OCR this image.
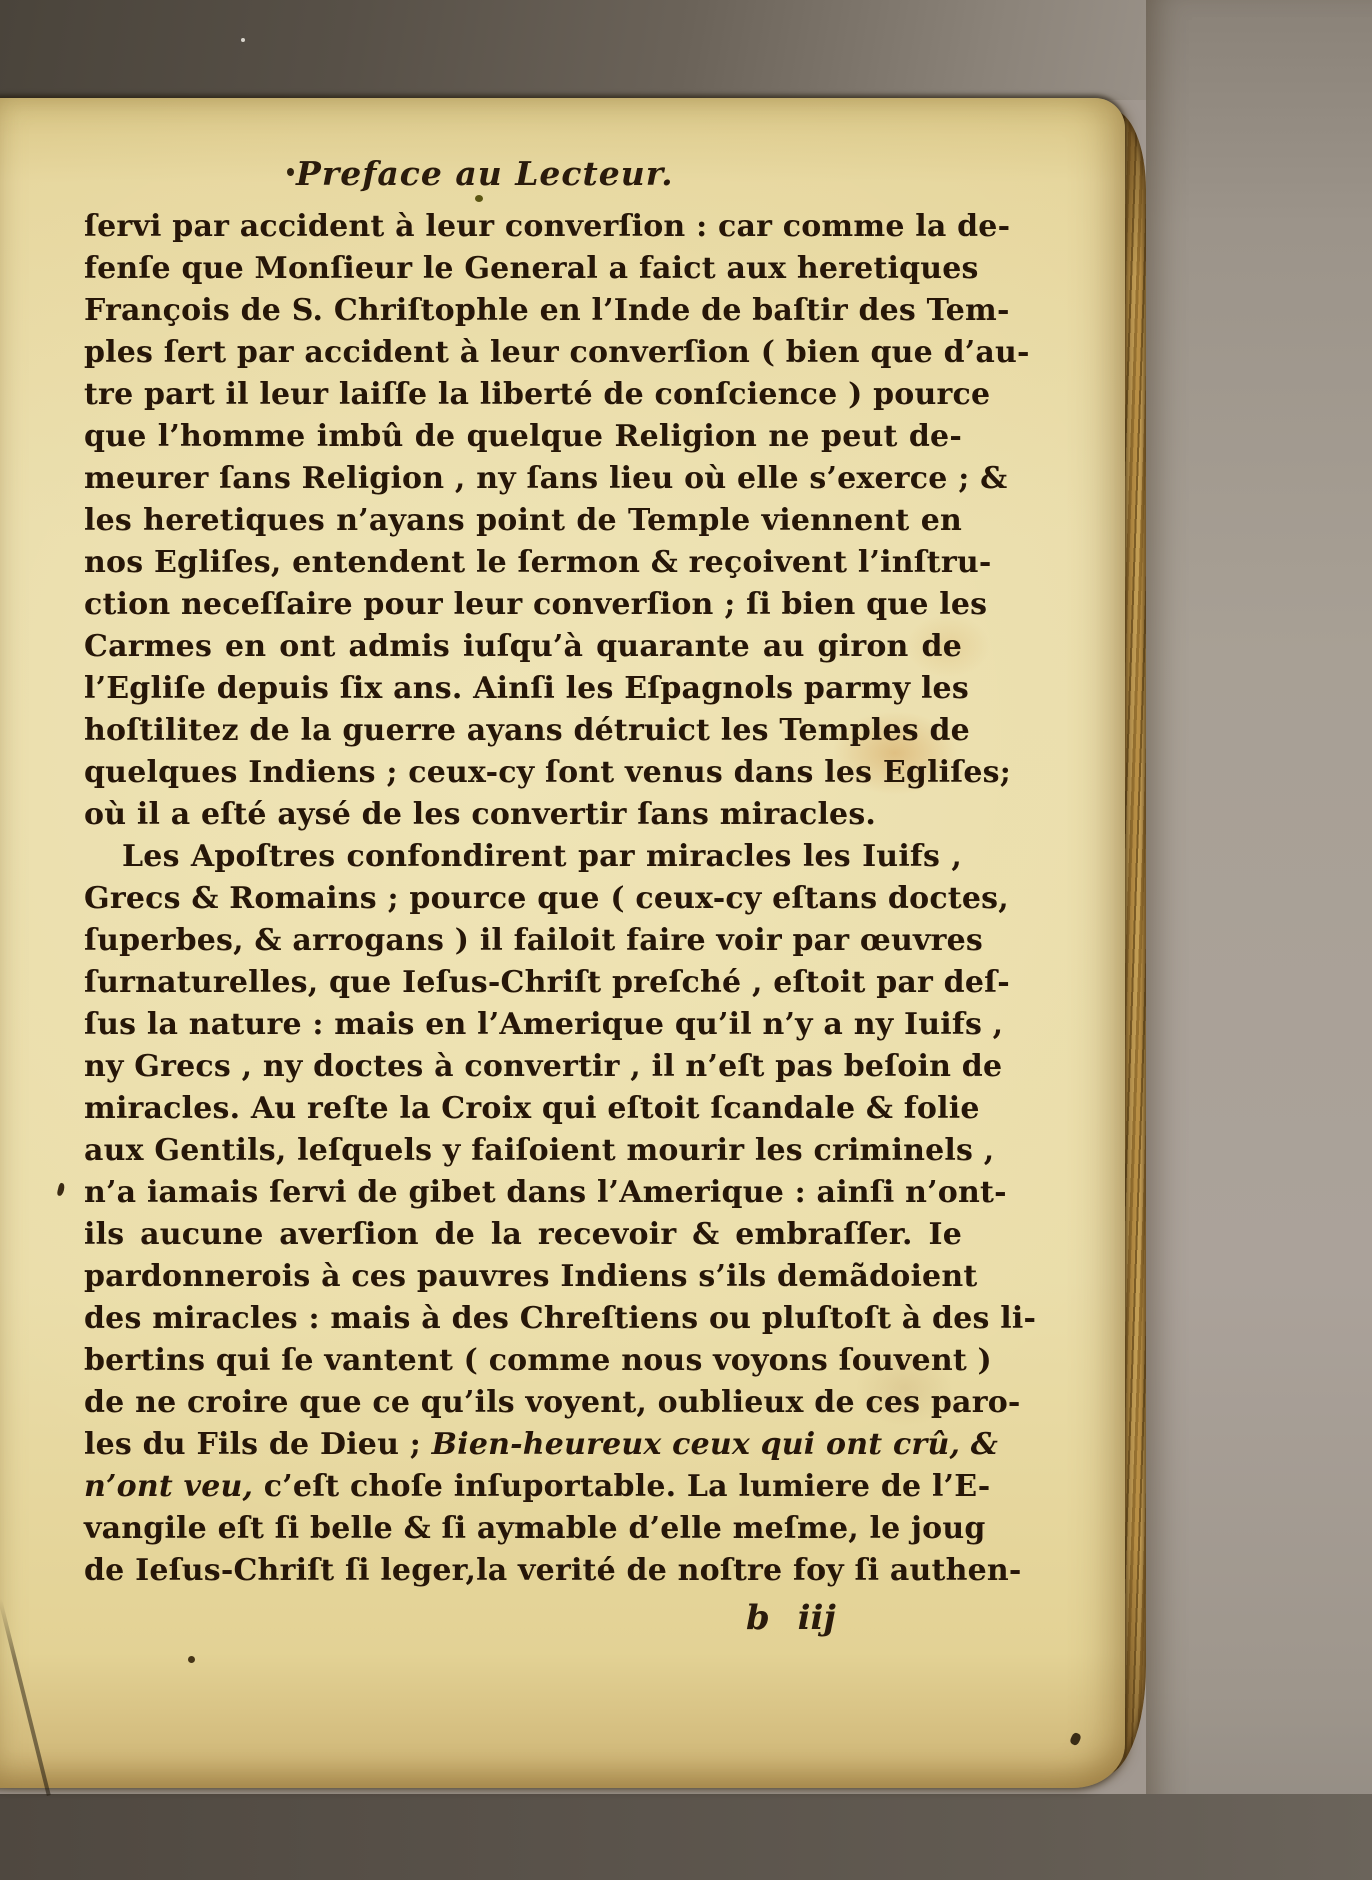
Preface au Lecteur.
ſervi par accident à leur converſion : car comme la de-
fenſe que Monſieur le General a faict aux heretiques
François de S. Chriſtophle en l’Inde de baſtir des Tem-
ples ſert par accident à leur converſion ( bien que d’au-
tre part il leur laiſſe la liberté de conſcience ) pource
que l’homme imbû de quelque Religion ne peut de-
meurer ſans Religion , ny ſans lieu où elle s’exerce ; &
les heretiques n’ayans point de Temple viennent en
nos Egliſes, entendent le ſermon & reçoivent l’inſtru-
ction neceſſaire pour leur converſion ; ſi bien que les
Carmes en ont admis iuſqu’à quarante au giron de
l’Egliſe depuis ſix ans. Ainſi les Eſpagnols parmy les
hoſtilitez de la guerre ayans détruict les Temples de
quelques Indiens ; ceux-cy ſont venus dans les Egliſes;
où il a eſté aysé de les convertir ſans miracles.
Les Apoſtres confondirent par miracles les Iuifs ,
Grecs & Romains ; pource que ( ceux-cy eſtans doctes,
ſuperbes, & arrogans ) il failoit faire voir par œuvres
ſurnaturelles, que Ieſus-Chriſt preſché , eſtoit par deſ-
ſus la nature : mais en l’Amerique qu’il n’y a ny Iuifs ,
ny Grecs , ny doctes à convertir , il n’eſt pas beſoin de
miracles. Au reſte la Croix qui eſtoit ſcandale & folie
aux Gentils, leſquels y faiſoient mourir les criminels ,
n’a iamais ſervi de gibet dans l’Amerique : ainſi n’ont-
ils aucune averſion de la recevoir & embraſſer. Ie
pardonnerois à ces pauvres Indiens s’ils demãdoient
des miracles : mais à des Chreſtiens ou pluſtoſt à des li-
bertins qui ſe vantent ( comme nous voyons ſouvent )
de ne croire que ce qu’ils voyent, oublieux de ces paro-
les du Fils de Dieu ; Bien-heureux ceux qui ont crû, &
n’ont veu, c’eſt choſe inſuportable. La lumiere de l’E-
vangile eſt ſi belle & ſi aymable d’elle meſme, le joug
de Ieſus-Chriſt ſi leger,la verité de noſtre foy ſi authen-
b iij
